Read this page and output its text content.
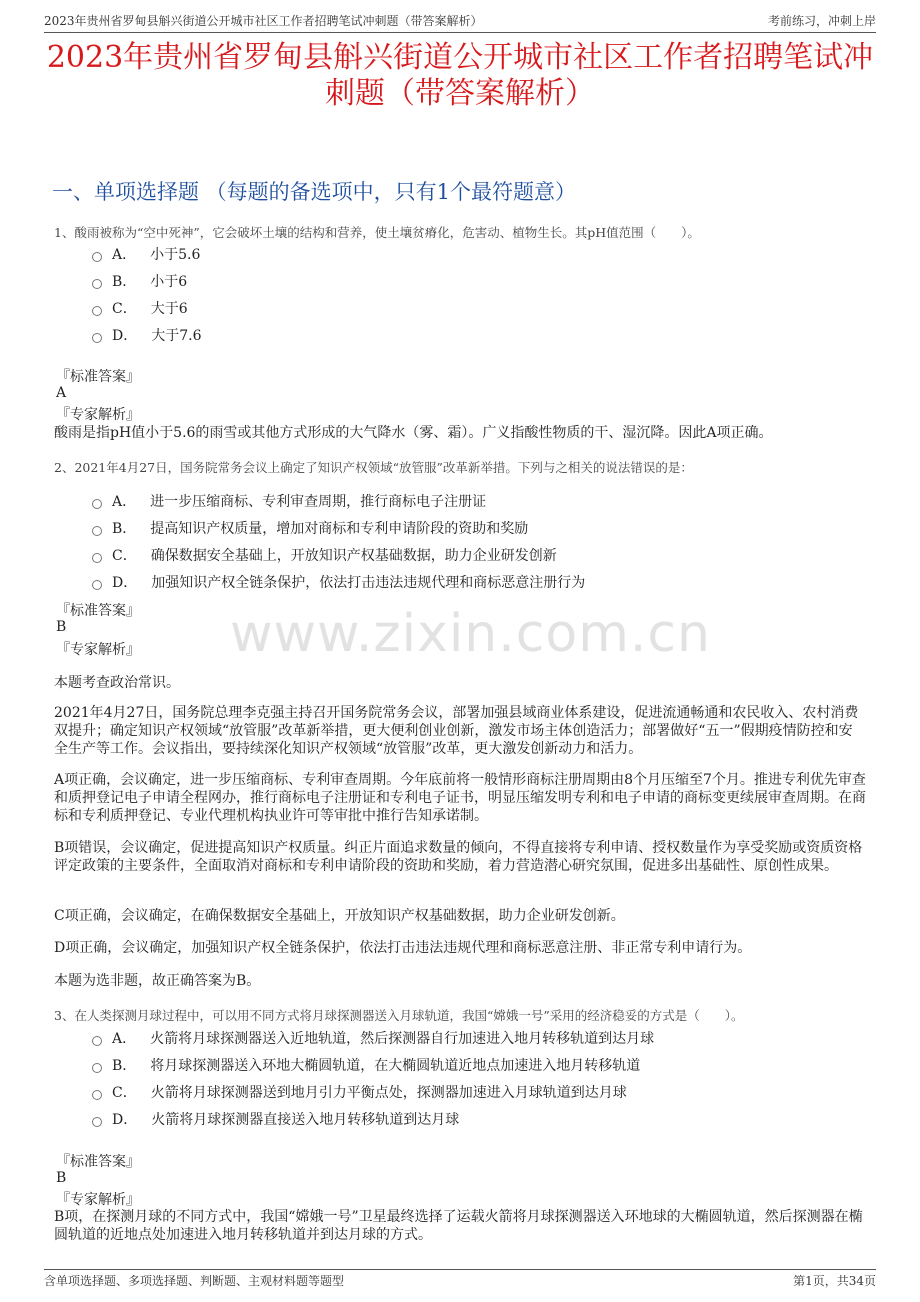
2023年贵州省罗甸县斛兴街道公开城市社区工作者招聘笔试冲刺题（带答案解析）	考前练习，冲刺上岸
2023年贵州省罗甸县斛兴街道公开城市社区工作者招聘笔试冲
刺题（带答案解析）
一、单项选择题 （每题的备选项中，只有1个最符题意）
www.zixin.com.cn
1、酸雨被称为“空中死神”，它会破坏土壤的结构和营养，使土壤贫瘠化，危害动、植物生长。其pH值范围（　　）。
A． 小于5.6
B． 小于6
C． 大于6
D． 大于7.6
『标准答案』
A
『专家解析』
酸雨是指pH值小于5.6的雨雪或其他方式形成的大气降水（雾、霜）。广义指酸性物质的干、湿沉降。因此A项正确。
2、2021年4月27日，国务院常务会议上确定了知识产权领域“放管服”改革新举措。下列与之相关的说法错误的是：
A． 进一步压缩商标、专利审查周期，推行商标电子注册证
B． 提高知识产权质量，增加对商标和专利申请阶段的资助和奖励
C． 确保数据安全基础上，开放知识产权基础数据，助力企业研发创新
D． 加强知识产权全链条保护，依法打击违法违规代理和商标恶意注册行为
『标准答案』
B
『专家解析』
本题考查政治常识。
2021年4月27日，国务院总理李克强主持召开国务院常务会议，部署加强县域商业体系建设，促进流通畅通和农民收入、农村消费双提升；确定知识产权领域“放管服”改革新举措，更大便利创业创新，激发市场主体创造活力；部署做好“五一”假期疫情防控和安全生产等工作。会议指出，要持续深化知识产权领域“放管服”改革，更大激发创新动力和活力。
A项正确，会议确定，进一步压缩商标、专利审查周期。今年底前将一般情形商标注册周期由8个月压缩至7个月。推进专利优先审查和质押登记电子申请全程网办，推行商标电子注册证和专利电子证书，明显压缩发明专利和电子申请的商标变更续展审查周期。在商标和专利质押登记、专业代理机构执业许可等审批中推行告知承诺制。
B项错误，会议确定，促进提高知识产权质量。纠正片面追求数量的倾向，不得直接将专利申请、授权数量作为享受奖励或资质资格评定政策的主要条件，全面取消对商标和专利申请阶段的资助和奖励，着力营造潜心研究氛围，促进多出基础性、原创性成果。
C项正确，会议确定，在确保数据安全基础上，开放知识产权基础数据，助力企业研发创新。
D项正确，会议确定，加强知识产权全链条保护，依法打击违法违规代理和商标恶意注册、非正常专利申请行为。
本题为选非题，故正确答案为B。
3、在人类探测月球过程中，可以用不同方式将月球探测器送入月球轨道，我国“嫦娥一号”采用的经济稳妥的方式是（　　）。
A． 火箭将月球探测器送入近地轨道，然后探测器自行加速进入地月转移轨道到达月球
B． 将月球探测器送入环地大椭圆轨道，在大椭圆轨道近地点加速进入地月转移轨道
C． 火箭将月球探测器送到地月引力平衡点处，探测器加速进入月球轨道到达月球
D． 火箭将月球探测器直接送入地月转移轨道到达月球
『标准答案』
B
『专家解析』
B项，在探测月球的不同方式中，我国“嫦娥一号”卫星最终选择了运载火箭将月球探测器送入环地球的大椭圆轨道，然后探测器在椭圆轨道的近地点处加速进入地月转移轨道并到达月球的方式。
含单项选择题、多项选择题、判断题、主观材料题等题型	第1页，共34页
